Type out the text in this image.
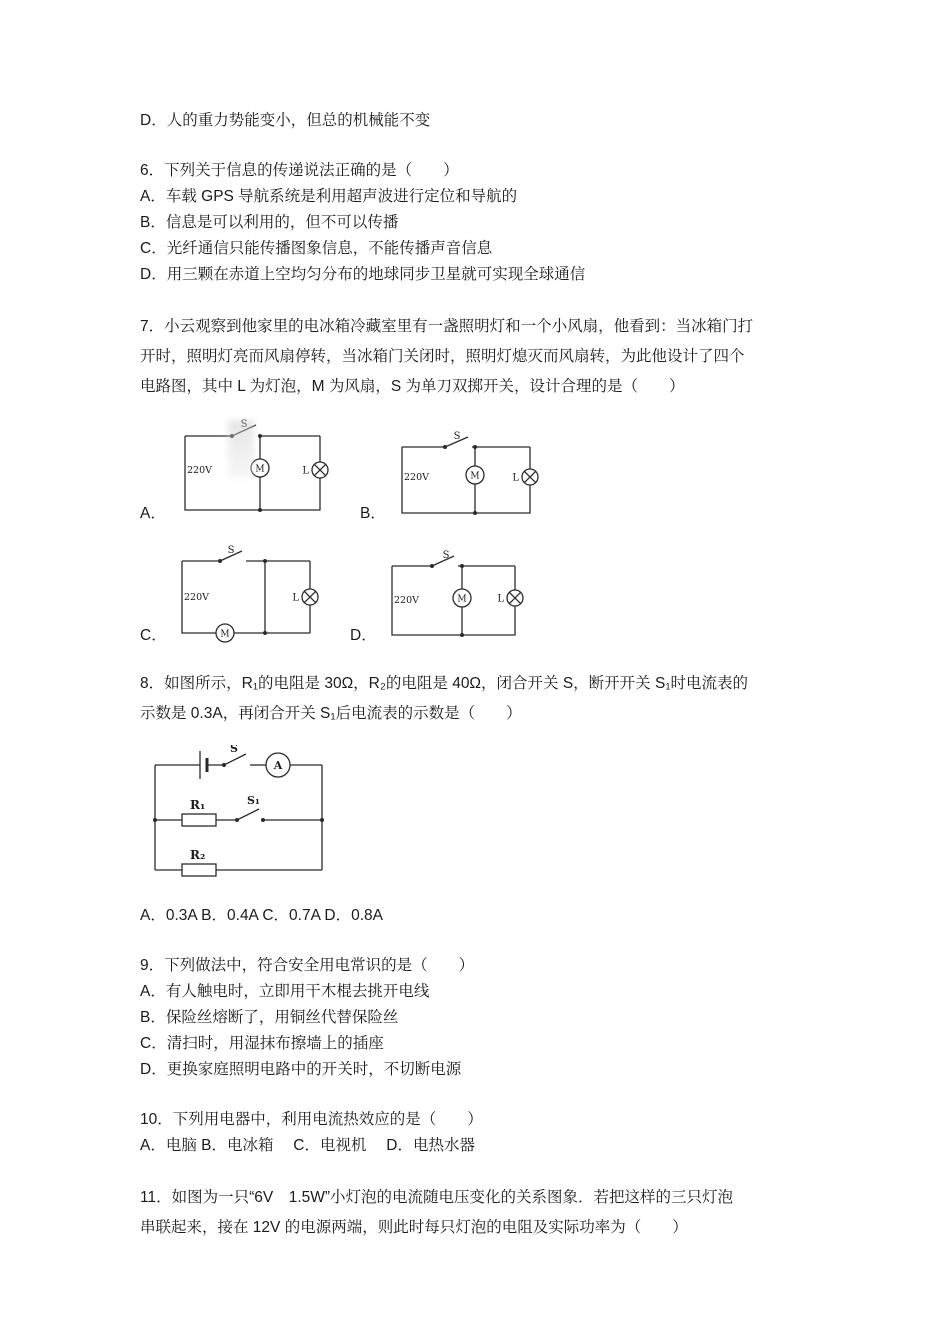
D．人的重力势能变小，但总的机械能不变

6．下列关于信息的传递说法正确的是（　　）

A．车载 GPS 导航系统是利用超声波进行定位和导航的

B．信息是可以利用的，但不可以传播

C．光纤通信只能传播图象信息，不能传播声音信息

D．用三颗在赤道上空均匀分布的地球同步卫星就可实现全球通信

7．小云观察到他家里的电冰箱冷藏室里有一盏照明灯和一个小风扇，他看到：当冰箱门打

开时，照明灯亮而风扇停转，当冰箱门关闭时，照明灯熄灭而风扇转，为此他设计了四个

电路图，其中 L 为灯泡，M 为风扇，S 为单刀双掷开关，设计合理的是（　　）

A．
S
M	L
220V
B．
S
M	L
220V
C．
S
M
L
220V
D．
S
M	L
220V

8．如图所示，R₁的电阻是 30Ω，R₂的电阻是 40Ω，闭合开关 S，断开开关 S₁时电流表的

示数是 0.3A，再闭合开关 S₁后电流表的示数是（　　）

S
A
R₁	S₁
R₂

A．0.3A B．0.4A C．0.7A D．0.8A

9．下列做法中，符合安全用电常识的是（　　）

A．有人触电时，立即用干木棍去挑开电线

B．保险丝熔断了，用铜丝代替保险丝

C．清扫时，用湿抹布擦墙上的插座

D．更换家庭照明电路中的开关时，不切断电源

10．下列用电器中，利用电流热效应的是（　　）

A．电脑 B．电冰箱　 C．电视机　 D．电热水器

11．如图为一只“6V　1.5W”小灯泡的电流随电压变化的关系图象．若把这样的三只灯泡

串联起来，接在 12V 的电源两端，则此时每只灯泡的电阻及实际功率为（　　）
